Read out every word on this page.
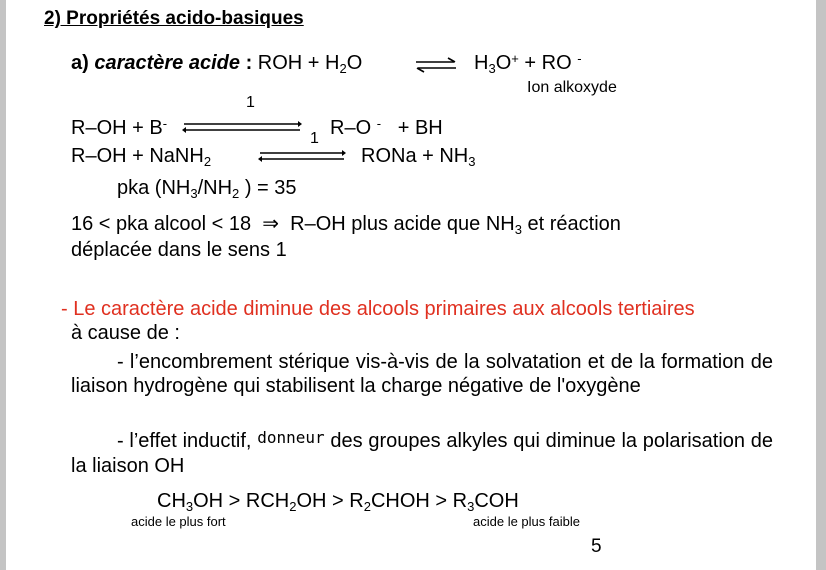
2) Propriétés acido-basiques
a) caractère acide : ROH + $H_2O$	⇌ $H_3O^+$ + RO -
Ion alkoxyde
1
R–OH + B-	R–O - + BH
1
R–OH + NaNH$_2$	RONa + $NH_3$
pka ($NH_3/NH_2$ ) = 35
16 < pka alcool < 18 ⇒ R–OH plus acide que $NH_3$ et réaction
déplacée dans le sens 1
- Le caractère acide diminue des alcools primaires aux alcools tertiaires
à cause de :
- l’encombrement stérique vis-à-vis de la solvatation et de la formation de liaison hydrogène qui stabilisent la charge négative de l'oxygène
- l’effet inductif, $^{donneur}$ des groupes alkyles qui diminue la polarisation de la liaison OH
$CH_3OH > RCH_2OH$ > $R_2CHOH > R_3COH$
acide le plus fort	acide le plus faible
5
